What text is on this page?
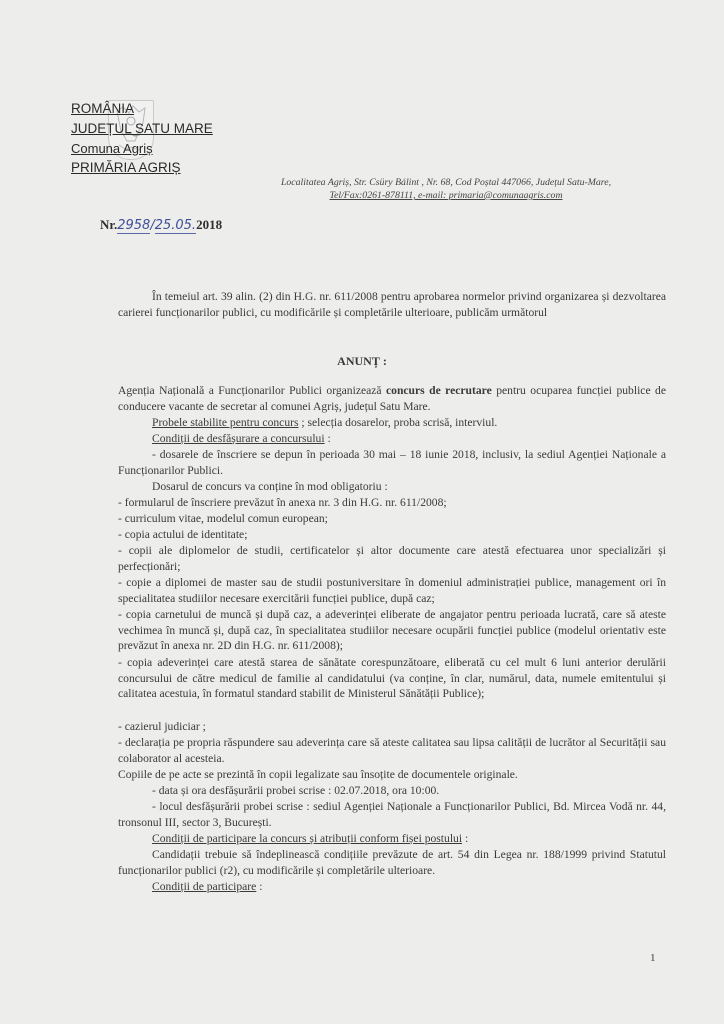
ROMÂNIA
JUDEȚUL SATU MARE
Comuna Agriș
PRIMĂRIA AGRIȘ
Localitatea Agriș, Str. Csüry Bálint , Nr. 68, Cod Poștal 447066, Județul Satu-Mare,
Tel/Fax:0261-878111, e-mail: primaria@comunaagris.com
Nr.2958/25.05.2018
În temeiul art. 39 alin. (2) din H.G. nr. 611/2008 pentru aprobarea normelor privind organizarea și dezvoltarea carierei funcționarilor publici, cu modificările și completările ulterioare, publicăm următorul
ANUNȚ :
Agenția Națională a Funcționarilor Publici organizează concurs de recrutare pentru ocuparea funcției publice de conducere vacante de secretar al comunei Agriș, județul Satu Mare.
Probele stabilite pentru concurs ; selecția dosarelor, proba scrisă, interviul.
Condiții de desfășurare a concursului :
- dosarele de înscriere se depun în perioada 30 mai – 18 iunie 2018, inclusiv, la sediul Agenției Naționale a Funcționarilor Publici.
Dosarul de concurs va conține în mod obligatoriu :
- formularul de înscriere prevăzut în anexa nr. 3 din H.G. nr. 611/2008;
- curriculum vitae, modelul comun european;
- copia actului de identitate;
- copii ale diplomelor de studii, certificatelor și altor documente care atestă efectuarea unor specializări și perfecționări;
- copie a diplomei de master sau de studii postuniversitare în domeniul administrației publice, management ori în specialitatea studiilor necesare exercitării funcției publice, după caz;
- copia carnetului de muncă și după caz, a adeverinței eliberate de angajator pentru perioada lucrată, care să ateste vechimea în muncă și, după caz, în specialitatea studiilor necesare ocupării funcției publice (modelul orientativ este prevăzut în anexa nr. 2D din H.G. nr. 611/2008);
- copia adeverinței care atestă starea de sănătate corespunzătoare, eliberată cu cel mult 6 luni anterior derulării concursului de către medicul de familie al candidatului (va conține, în clar, numărul, data, numele emitentului și calitatea acestuia, în formatul standard stabilit de Ministerul Sănătății Publice);
- cazierul judiciar ;
- declarația pe propria răspundere sau adeverința care să ateste calitatea sau lipsa calității de lucrător al Securității sau colaborator al acesteia.
Copiile de pe acte se prezintă în copii legalizate sau însoțite de documentele originale.
- data și ora desfășurării probei scrise : 02.07.2018, ora 10:00.
- locul desfășurării probei scrise : sediul Agenției Naționale a Funcționarilor Publici, Bd. Mircea Vodă nr. 44, tronsonul III, sector 3, București.
Condiții de participare la concurs și atribuții conform fișei postului :
Candidații trebuie să îndeplinească condițiile prevăzute de art. 54 din Legea nr. 188/1999 privind Statutul funcționarilor publici (r2), cu modificările și completările ulterioare.
Condiții de participare :
1
